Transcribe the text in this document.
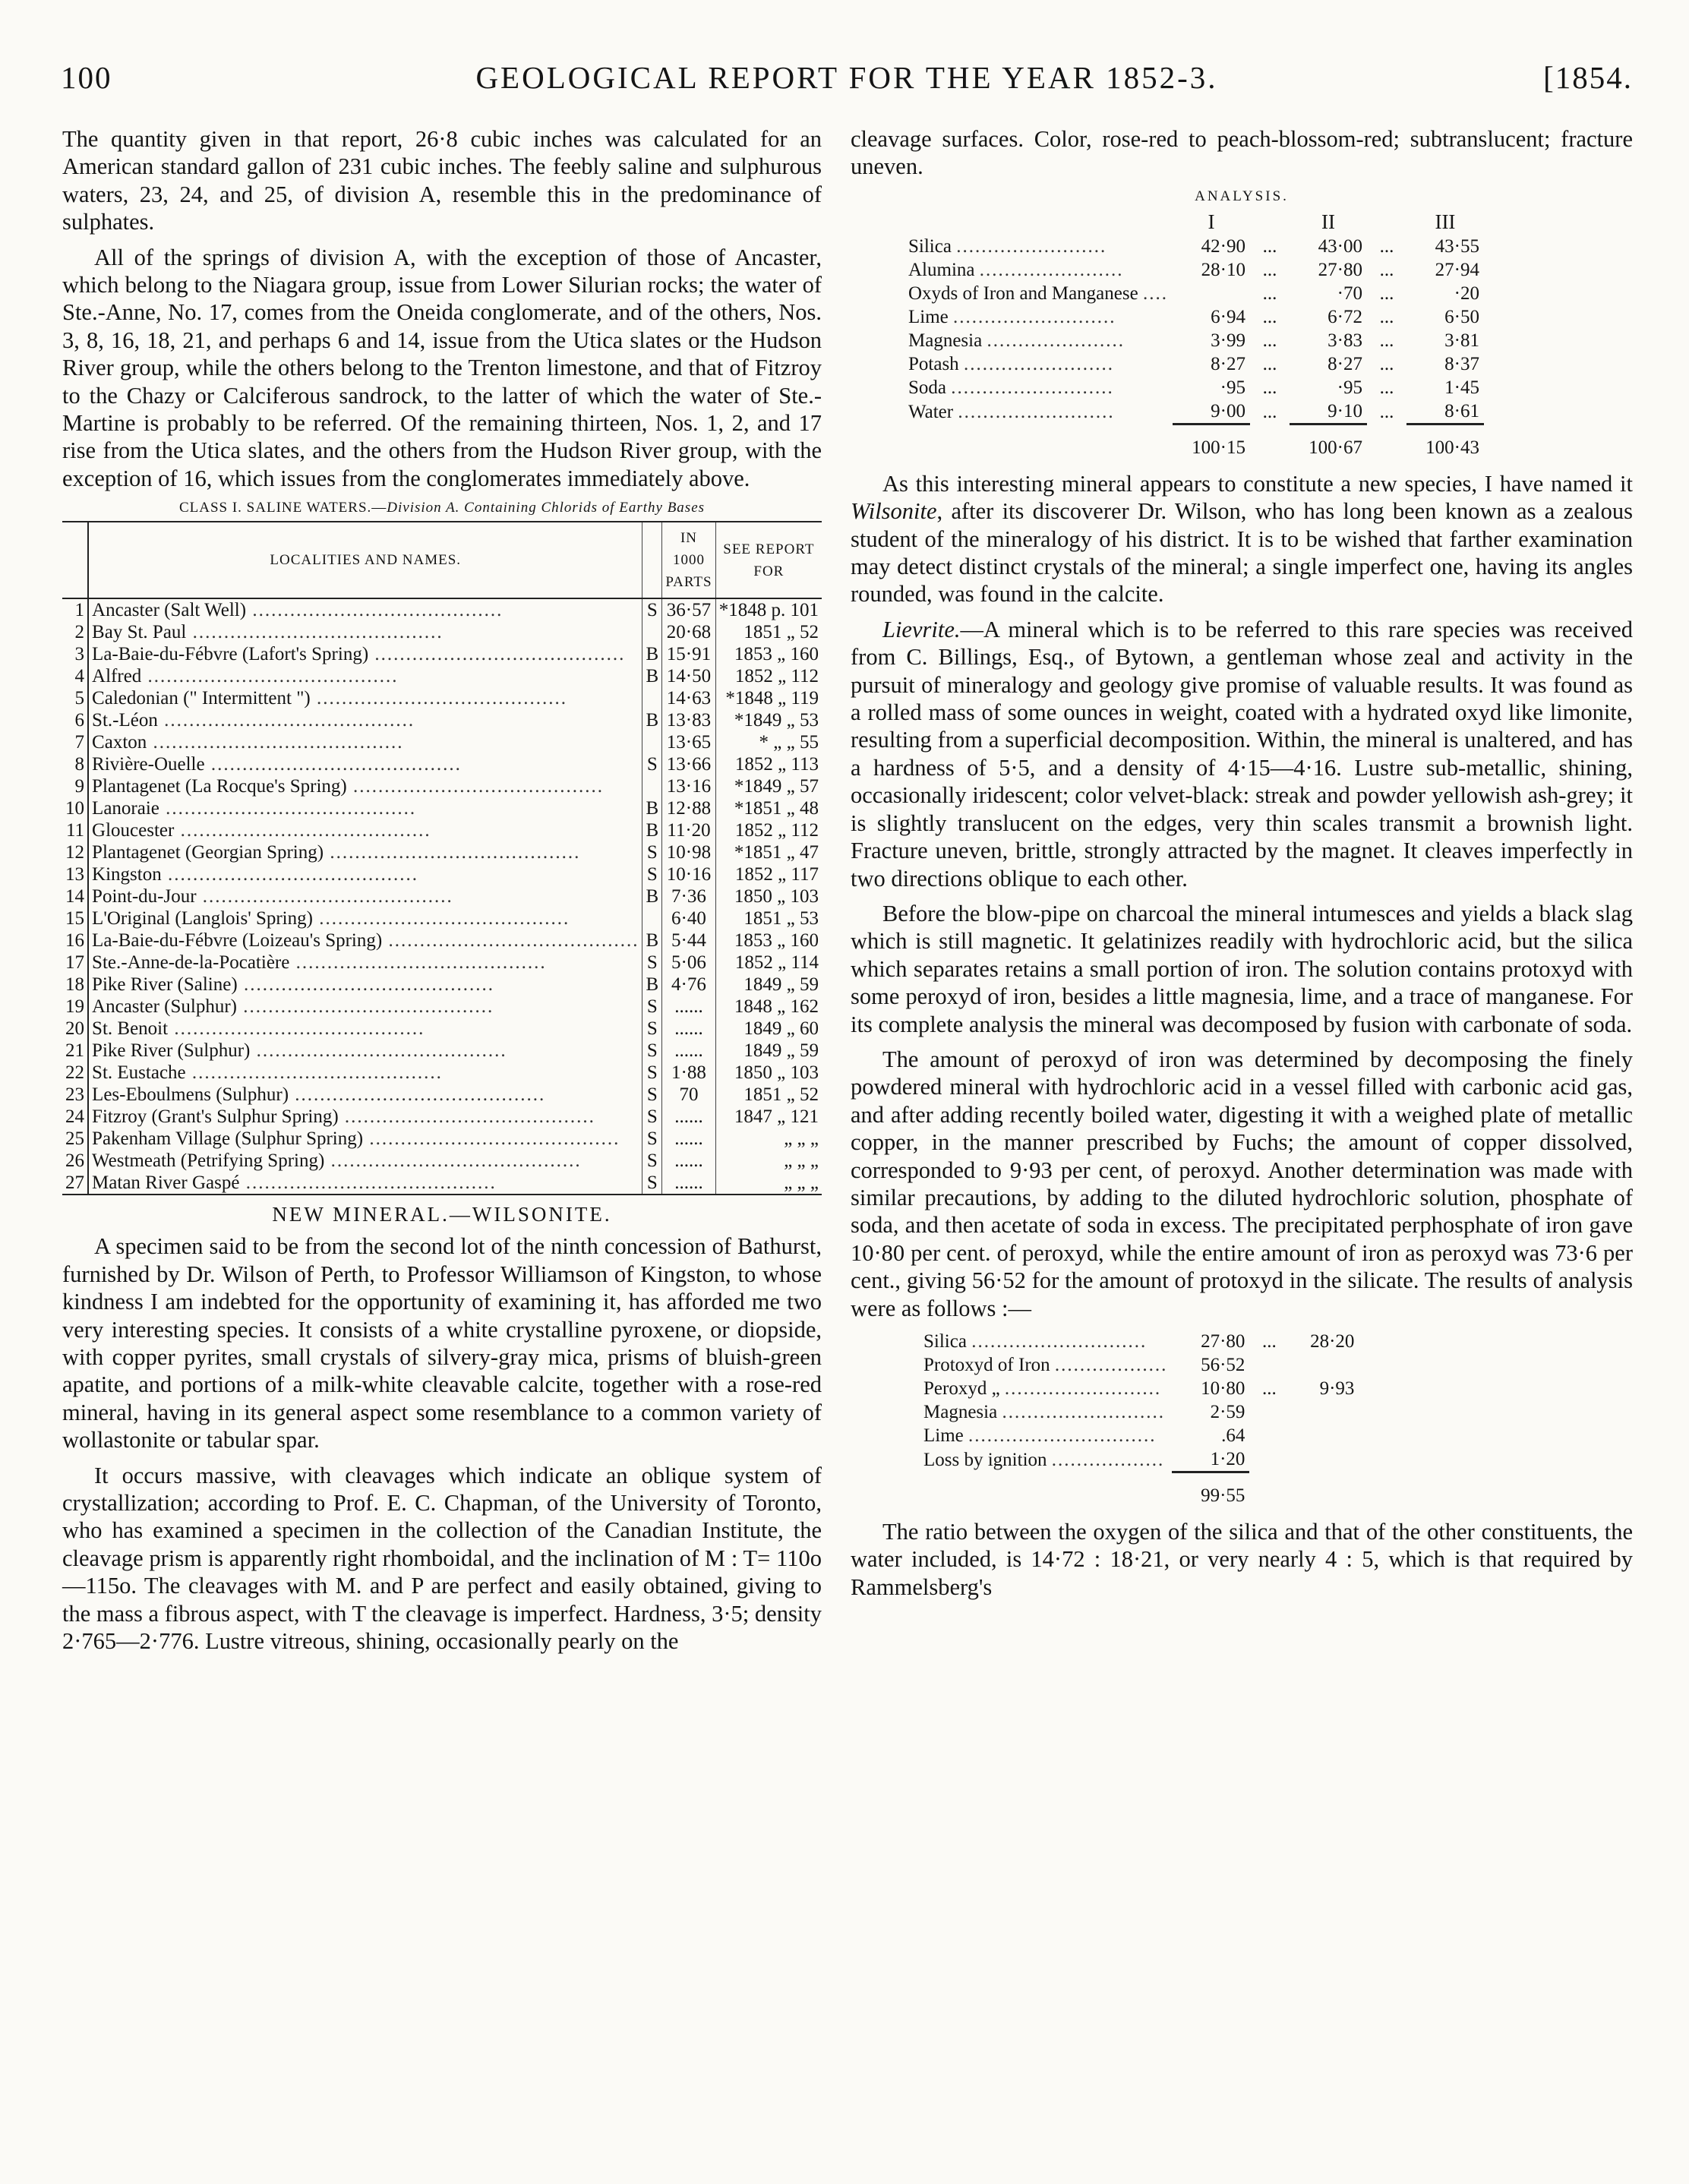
100	GEOLOGICAL REPORT FOR THE YEAR 1852-3.	[1854.

The quantity given in that report, 26·8 cubic inches was calculated for an American standard gallon of 231 cubic inches. The feebly saline and sulphurous waters, 23, 24, and 25, of division A, resemble this in the predominance of sulphates.

All of the springs of division A, with the exception of those of Ancaster, which belong to the Niagara group, issue from Lower Silurian rocks; the water of Ste.-Anne, No. 17, comes from the Oneida conglomerate, and of the others, Nos. 3, 8, 16, 18, 21, and perhaps 6 and 14, issue from the Utica slates or the Hudson River group, while the others belong to the Trenton limestone, and that of Fitzroy to the Chazy or Calciferous sandrock, to the latter of which the water of Ste.-Martine is probably to be referred. Of the remaining thirteen, Nos. 1, 2, and 17 rise from the Utica slates, and the others from the Hudson River group, with the exception of 16, which issues from the conglomerates immediately above.

CLASS I. SALINE WATERS.—Division A. Containing Chlorids of Earthy Bases
	LOCALITIES AND NAMES.		IN 1000 PARTS	SEE REPORT FOR
1	Ancaster (Salt Well) ........................................	S	36·57	*1848 p. 101
2	Bay St. Paul ........................................		20·68	1851 „ 52
3	La-Baie-du-Fébvre (Lafort's Spring) ........................................	B	15·91	1853 „ 160
4	Alfred ........................................	B	14·50	1852 „ 112
5	Caledonian (" Intermittent ") ........................................		14·63	*1848 „ 119
6	St.-Léon ........................................	B	13·83	*1849 „ 53
7	Caxton ........................................		13·65	* „ „ 55
8	Rivière-Ouelle ........................................	S	13·66	1852 „ 113
9	Plantagenet (La Rocque's Spring) ........................................		13·16	*1849 „ 57
10	Lanoraie ........................................	B	12·88	*1851 „ 48
11	Gloucester ........................................	B	11·20	1852 „ 112
12	Plantagenet (Georgian Spring) ........................................	S	10·98	*1851 „ 47
13	Kingston ........................................	S	10·16	1852 „ 117
14	Point-du-Jour ........................................	B	7·36	1850 „ 103
15	L'Original (Langlois' Spring) ........................................		6·40	1851 „ 53
16	La-Baie-du-Fébvre (Loizeau's Spring) ........................................	B	5·44	1853 „ 160
17	Ste.-Anne-de-la-Pocatière ........................................	S	5·06	1852 „ 114
18	Pike River (Saline) ........................................	B	4·76	1849 „ 59
19	Ancaster (Sulphur) ........................................	S	......	1848 „ 162
20	St. Benoit ........................................	S	......	1849 „ 60
21	Pike River (Sulphur) ........................................	S	......	1849 „ 59
22	St. Eustache ........................................	S	1·88	1850 „ 103
23	Les-Eboulmens (Sulphur) ........................................	S	70	1851 „ 52
24	Fitzroy (Grant's Sulphur Spring) ........................................	S	......	1847 „ 121
25	Pakenham Village (Sulphur Spring) ........................................	S	......	„ „ „
26	Westmeath (Petrifying Spring) ........................................	S	......	„ „ „
27	Matan River Gaspé ........................................	S	......	„ „ „
NEW MINERAL.—WILSONITE.

A specimen said to be from the second lot of the ninth concession of Bathurst, furnished by Dr. Wilson of Perth, to Professor Williamson of Kingston, to whose kindness I am indebted for the opportunity of examining it, has afforded me two very interesting species. It consists of a white crystalline pyroxene, or diopside, with copper pyrites, small crystals of silvery-gray mica, prisms of bluish-green apatite, and portions of a milk-white cleavable calcite, together with a rose-red mineral, having in its general aspect some resemblance to a common variety of wollastonite or tabular spar.

It occurs massive, with cleavages which indicate an oblique system of crystallization; according to Prof. E. C. Chapman, of the University of Toronto, who has examined a specimen in the collection of the Canadian Institute, the cleavage prism is apparently right rhomboidal, and the inclination of M : T= 110o—115o. The cleavages with M. and P are perfect and easily obtained, giving to the mass a fibrous aspect, with T the cleavage is imperfect. Hardness, 3·5; density 2·765—2·776. Lustre vitreous, shining, occasionally pearly on the

cleavage surfaces. Color, rose-red to peach-blossom-red; subtranslucent; fracture uneven.

ANALYSIS.
	I		II		III
Silica ........................	42·90	...	43·00	...	43·55
Alumina .......................	28·10	...	27·80	...	27·94
Oxyds of Iron and Manganese ....		...	·70	...	·20
Lime ..........................	6·94	...	6·72	...	6·50
Magnesia ......................	3·99	...	3·83	...	3·81
Potash ........................	8·27	...	8·27	...	8·37
Soda ..........................	·95	...	·95	...	1·45
Water .........................	9·00	...	9·10	...	8·61
	100·15		100·67		100·43

As this interesting mineral appears to constitute a new species, I have named it Wilsonite, after its discoverer Dr. Wilson, who has long been known as a zealous student of the mineralogy of his district. It is to be wished that farther examination may detect distinct crystals of the mineral; a single imperfect one, having its angles rounded, was found in the calcite.

Lievrite.—A mineral which is to be referred to this rare species was received from C. Billings, Esq., of Bytown, a gentleman whose zeal and activity in the pursuit of mineralogy and geology give promise of valuable results. It was found as a rolled mass of some ounces in weight, coated with a hydrated oxyd like limonite, resulting from a superficial decomposition. Within, the mineral is unaltered, and has a hardness of 5·5, and a density of 4·15—4·16. Lustre sub-metallic, shining, occasionally iridescent; color velvet-black: streak and powder yellowish ash-grey; it is slightly translucent on the edges, very thin scales transmit a brownish light. Fracture uneven, brittle, strongly attracted by the magnet. It cleaves imperfectly in two directions oblique to each other.

Before the blow-pipe on charcoal the mineral intumesces and yields a black slag which is still magnetic. It gelatinizes readily with hydrochloric acid, but the silica which separates retains a small portion of iron. The solution contains protoxyd with some peroxyd of iron, besides a little magnesia, lime, and a trace of manganese. For its complete analysis the mineral was decomposed by fusion with carbonate of soda.

The amount of peroxyd of iron was determined by decomposing the finely powdered mineral with hydrochloric acid in a vessel filled with carbonic acid gas, and after adding recently boiled water, digesting it with a weighed plate of metallic copper, in the manner prescribed by Fuchs; the amount of copper dissolved, corresponded to 9·93 per cent, of peroxyd. Another determination was made with similar precautions, by adding to the diluted hydrochloric solution, phosphate of soda, and then acetate of soda in excess. The precipitated perphosphate of iron gave 10·80 per cent. of peroxyd, while the entire amount of iron as peroxyd was 73·6 per cent., giving 56·52 for the amount of protoxyd in the silicate. The results of analysis were as follows :—

Silica ............................	27·80	...	28·20
Protoxyd of Iron ..................	56·52		
Peroxyd „ .........................	10·80	...	9·93
Magnesia ..........................	2·59		
Lime ..............................	.64		
Loss by ignition ..................	1·20		
	99·55		

The ratio between the oxygen of the silica and that of the other constituents, the water included, is 14·72 : 18·21, or very nearly 4 : 5, which is that required by Rammelsberg's
